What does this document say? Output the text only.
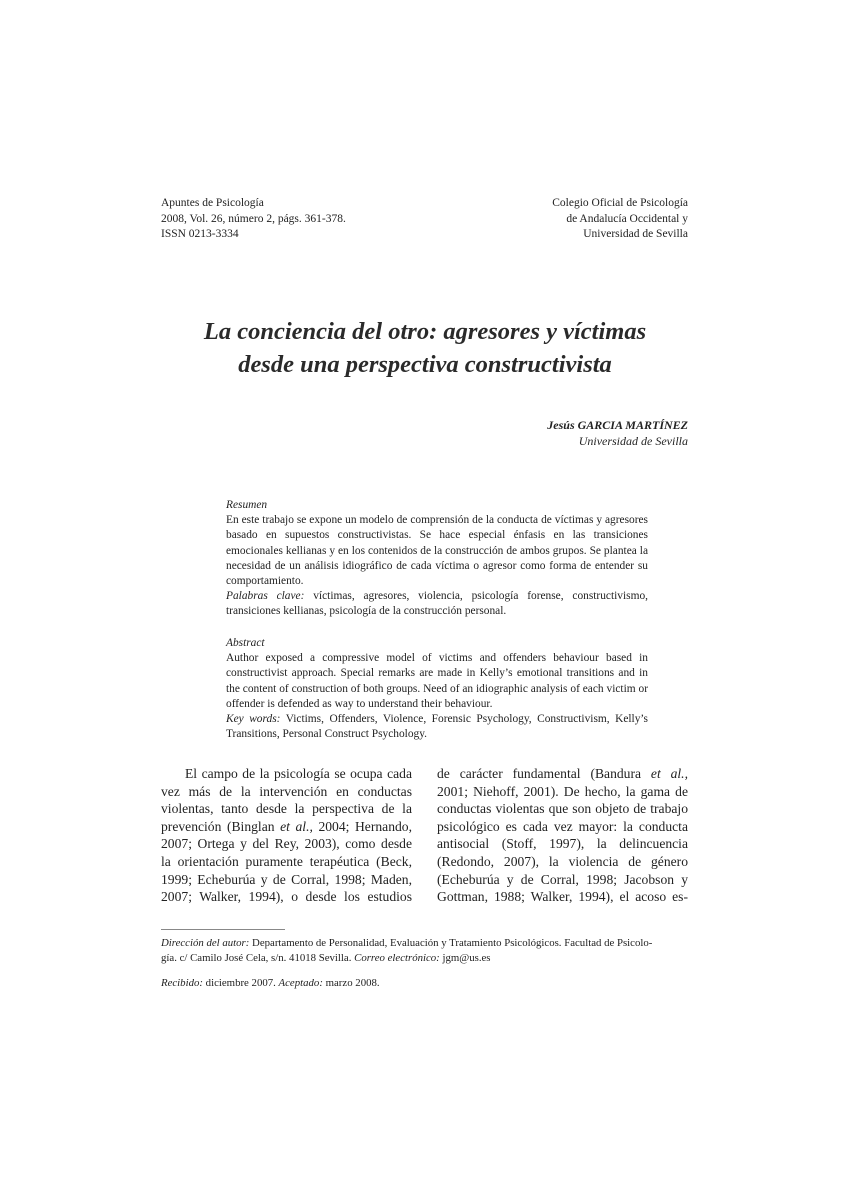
Apuntes de Psicología
2008, Vol. 26, número 2, págs. 361-378.
ISSN 0213-3334
Colegio Oficial de Psicología
de Andalucía Occidental y
Universidad de Sevilla
La conciencia del otro: agresores y víctimas
desde una perspectiva constructivista
Jesús GARCIA MARTÍNEZ
Universidad de Sevilla
Resumen
En este trabajo se expone un modelo de comprensión de la conducta de víctimas y agresores basado en supuestos constructivistas. Se hace especial énfasis en las transiciones emocionales kellianas y en los contenidos de la construcción de ambos grupos. Se plantea la necesidad de un análisis idiográfico de cada víctima o agresor como forma de entender su comportamiento.
Palabras clave: víctimas, agresores, violencia, psicología forense, constructivismo, transiciones kellianas, psicología de la construcción personal.
Abstract
Author exposed a compressive model of victims and offenders behaviour based in constructivist approach. Special remarks are made in Kelly’s emotional transitions and in the content of construction of both groups. Need of an idiographic analysis of each victim or offender is defended as way to understand their behaviour.
Key words: Victims, Offenders, Violence, Forensic Psychology, Constructivism, Kelly’s Transitions, Personal Construct Psychology.
El campo de la psicología se ocupa cada
vez más de la intervención en conductas
violentas, tanto desde la perspectiva de la
prevención (Binglan et al., 2004; Hernando,
2007; Ortega y del Rey, 2003), como desde
la orientación puramente terapéutica (Beck,
1999; Echeburúa y de Corral, 1998; Maden,
2007; Walker, 1994), o desde los estudios
de carácter fundamental (Bandura et al.,
2001; Niehoff, 2001). De hecho, la gama de
conductas violentas que son objeto de trabajo
psicológico es cada vez mayor: la conducta
antisocial (Stoff, 1997), la delincuencia
(Redondo, 2007), la violencia de género
(Echeburúa y de Corral, 1998; Jacobson y
Gottman, 1988; Walker, 1994), el acoso es-
Dirección del autor: Departamento de Personalidad, Evaluación y Tratamiento Psicológicos. Facultad de Psicolo-
gía. c/ Camilo José Cela, s/n. 41018 Sevilla. Correo electrónico: jgm@us.es
Recibido: diciembre 2007. Aceptado: marzo 2008.
